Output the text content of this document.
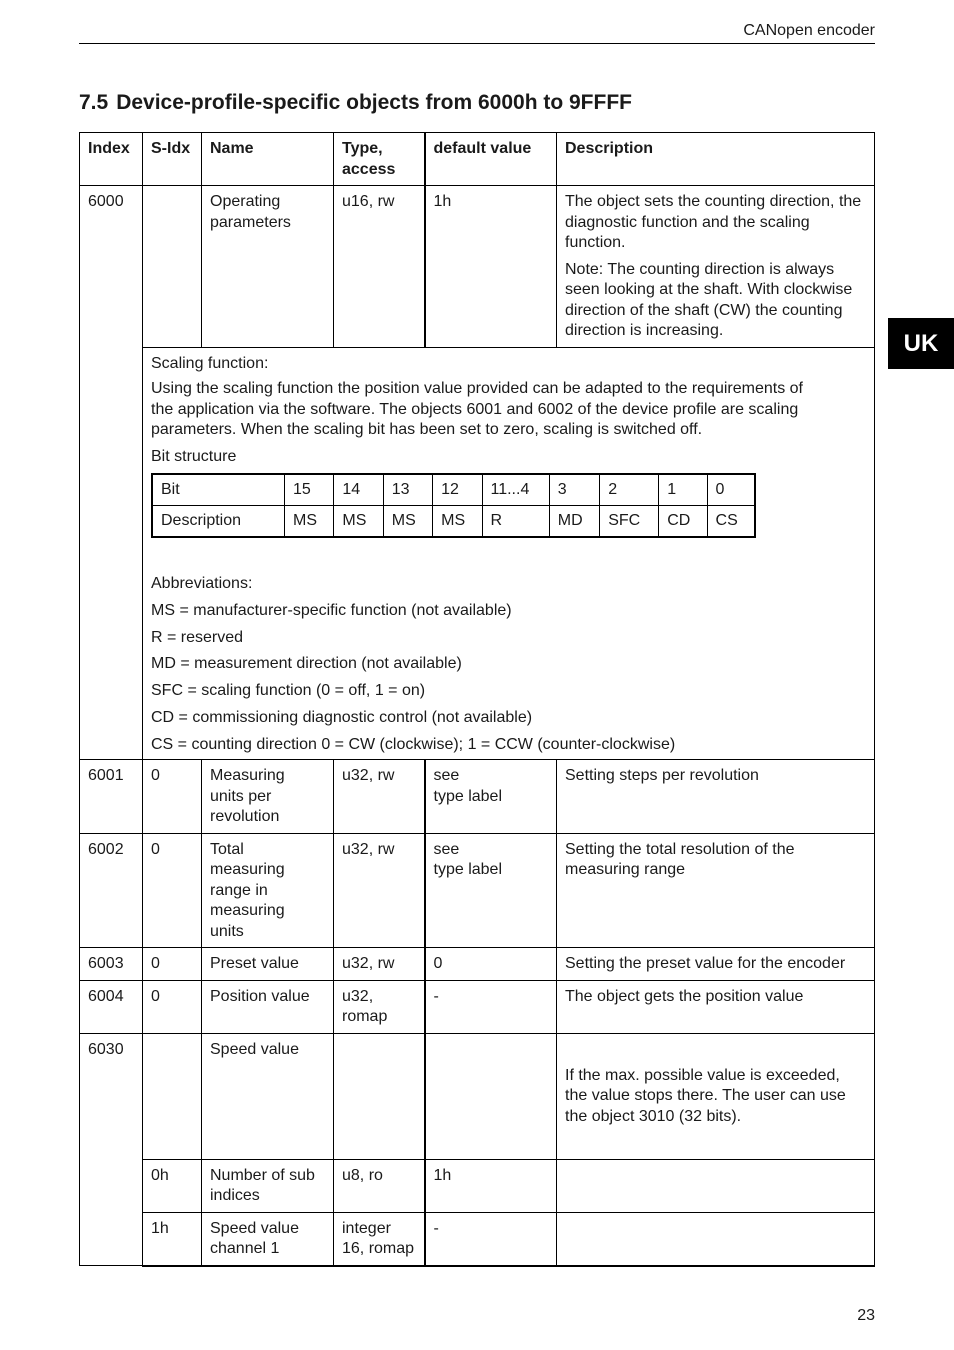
CANopen encoder
7.5 Device-profile-specific objects from 6000h to 9FFFF
UK
Index	S-Idx	Name	Type,
access	default value	Description
6000		Operating
parameters	u16, rw	1h	The object sets the counting direction, the diagnostic function and the scaling function.

Note: The counting direction is always seen looking at the shaft. With clockwise direction of the shaft (CW) the counting direction is increasing.

Scaling function:

Using the scaling function the position value provided can be adapted to the requirements of the application via the software. The objects 6001 and 6002 of the device profile are scaling parameters. When the scaling bit has been set to zero, scaling is switched off.

Bit structure

Bit	15	14	13	12	11...4	3	2	1	0
Description	MS	MS	MS	MS	R	MD	SFC	CD	CS

Abbreviations:

MS = manufacturer-specific function (not available)

R = reserved

MD = measurement direction (not available)

SFC = scaling function (0 = off, 1 = on)

CD = commissioning diagnostic control (not available)

CS = counting direction 0 = CW (clockwise); 1 = CCW (counter-clockwise)

6001	0	Measuring
units per
revolution	u32, rw	see
type label	Setting steps per revolution
6002	0	Total
measuring
range in
measuring
units	u32, rw	see
type label	Setting the total resolution of the measuring range
6003	0	Preset value	u32, rw	0	Setting the preset value for the encoder
6004	0	Position value	u32,
romap	-	The object gets the position value
6030		Speed value			If the max. possible value is exceeded, the value stops there. The user can use the object 3010 (32 bits).
0h	Number of sub
indices	u8, ro	1h	
1h	Speed value
channel 1	integer
16, romap	-	
23
